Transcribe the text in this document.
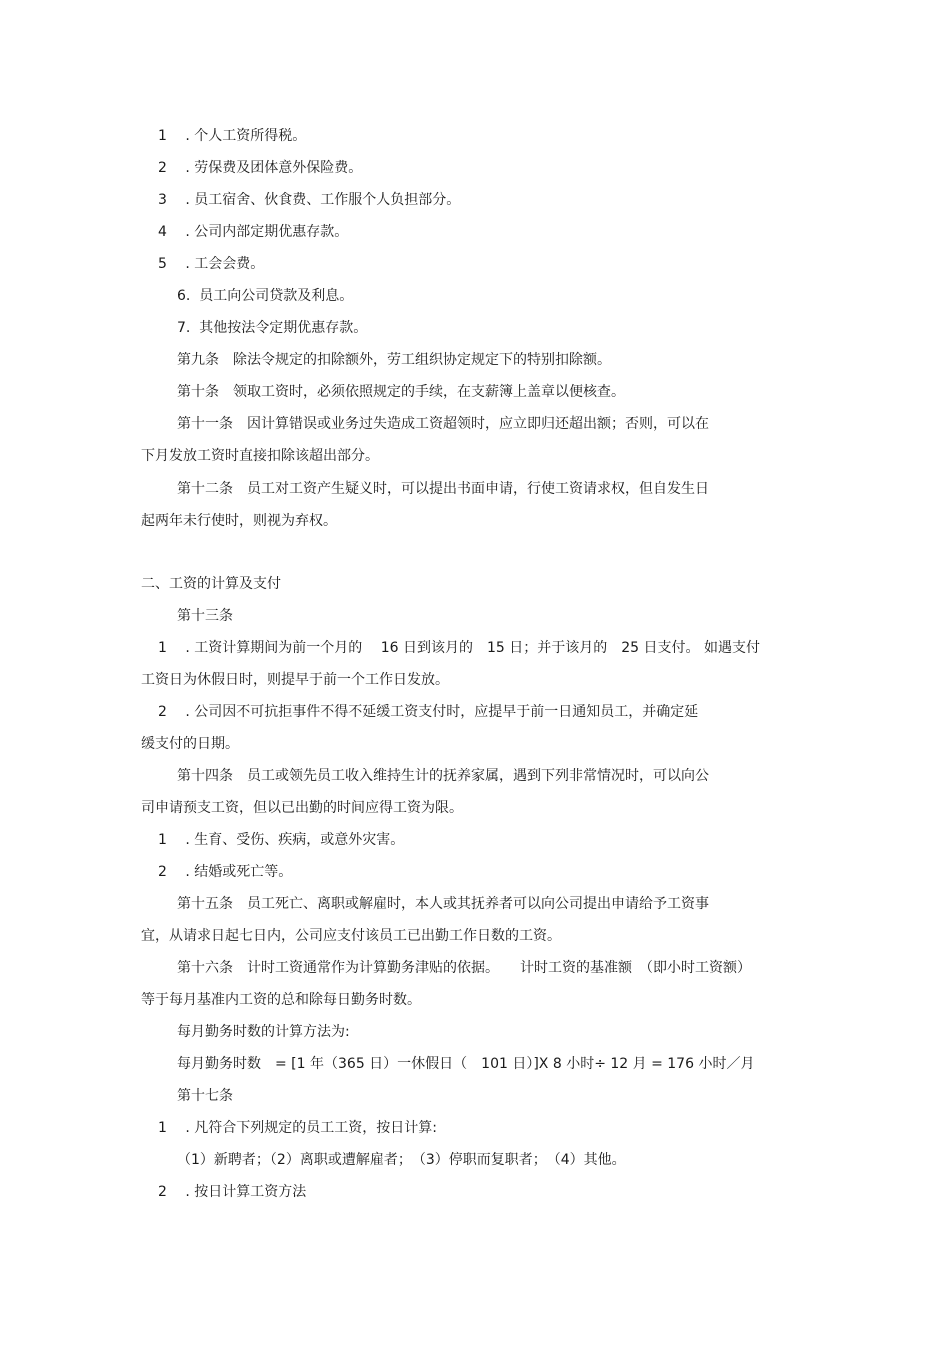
1 　. 个人工资所得税。
2 　. 劳保费及团体意外保险费。
3 　. 员工宿舍、伙食费、工作服个人负担部分。
4 　. 公司内部定期优惠存款。
5 　. 工会会费。
6.  员工向公司贷款及利息。
7.  其他按法令定期优惠存款。
第九条　除法令规定的扣除额外，劳工组织协定规定下的特别扣除额。
第十条　领取工资时，必须依照规定的手续，在支薪簿上盖章以便核查。
第十一条　因计算错误或业务过失造成工资超领时，应立即归还超出额；否则，可以在
下月发放工资时直接扣除该超出部分。
第十二条　员工对工资产生疑义时，可以提出书面申请，行使工资请求权，但自发生日
起两年未行使时，则视为弃权。
二、工资的计算及支付
第十三条
1 　. 工资计算期间为前一个月的　 16 日到该月的　15 日；并于该月的　25 日支付。 如遇支付
工资日为休假日时，则提早于前一个工作日发放。
2 　. 公司因不可抗拒事件不得不延缓工资支付时，应提早于前一日通知员工，并确定延
缓支付的日期。
第十四条　员工或领先员工收入维持生计的抚养家属，遇到下列非常情况时，可以向公
司申请预支工资，但以已出勤的时间应得工资为限。
1 　. 生育、受伤、疾病，或意外灾害。
2 　. 结婚或死亡等。
第十五条　员工死亡、离职或解雇时，本人或其抚养者可以向公司提出申请给予工资事
宜，从请求日起七日内，公司应支付该员工已出勤工作日数的工资。
第十六条　计时工资通常作为计算勤务津贴的依据。　　计时工资的基准额　（即小时工资额）
等于每月基准内工资的总和除每日勤务时数。
每月勤务时数的计算方法为:
每月勤务时数　= [1 年（365 日）一休假日（　101 日）]X 8 小时÷ 12 月 = 176 小时／月
第十七条
1 　. 凡符合下列规定的员工工资，按日计算:
（1）新聘者；（2）离职或遭解雇者；　（3）停职而复职者；　（4）其他。
2 　. 按日计算工资方法
